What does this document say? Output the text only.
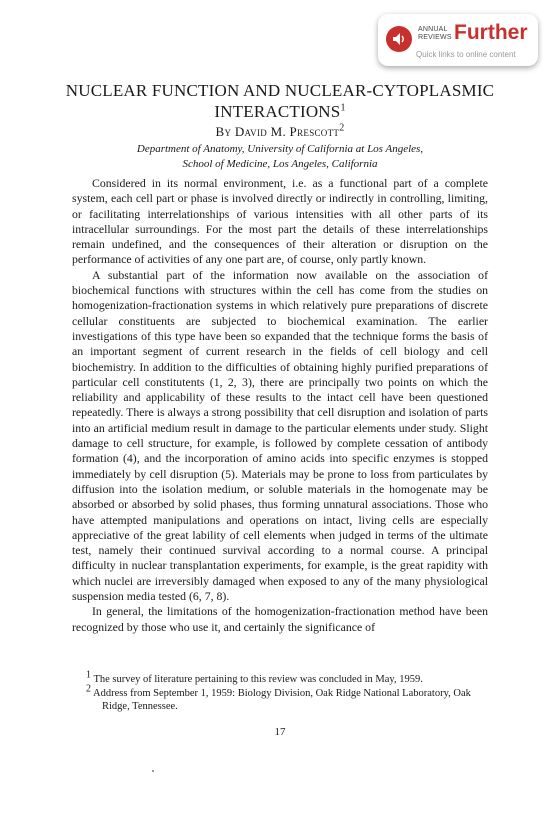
ANNUAL
REVIEWS Further
Quick links to online content
NUCLEAR FUNCTION AND NUCLEAR-CYTOPLASMIC
INTERACTIONS$^1$
By David M. Prescott$^2$
Department of Anatomy, University of California at Los Angeles,
School of Medicine, Los Angeles, California

Considered in its normal environment, i.e. as a functional part of a complete system, each cell part or phase is involved directly or indirectly in controlling, limiting, or facilitating interrelationships of various intensities with all other parts of its intracellular surroundings. For the most part the details of these interrelationships remain undefined, and the consequences of their alteration or disruption on the performance of activities of any one part are, of course, only partly known.

A substantial part of the information now available on the association of biochemical functions with structures within the cell has come from the studies on homogenization-fractionation systems in which relatively pure preparations of discrete cellular constituents are subjected to biochemical examination. The earlier investigations of this type have been so expanded that the technique forms the basis of an important segment of current research in the fields of cell biology and cell biochemistry. In addition to the difficulties of obtaining highly purified preparations of particular cell constitutents (1, 2, 3), there are principally two points on which the reliability and applicability of these results to the intact cell have been questioned repeatedly. There is always a strong possibility that cell disruption and isolation of parts into an artificial medium result in damage to the particular elements under study. Slight damage to cell structure, for example, is followed by complete cessation of antibody formation (4), and the incorporation of amino acids into specific enzymes is stopped immediately by cell disruption (5). Materials may be prone to loss from particulates by diffusion into the isolation medium, or soluble materials in the homogenate may be absorbed or absorbed by solid phases, thus forming unnatural associations. Those who have attempted manipulations and operations on intact, living cells are especially appreciative of the great lability of cell elements when judged in terms of the ultimate test, namely their continued survival according to a normal course. A principal difficulty in nuclear transplantation experiments, for example, is the great rapidity with which nuclei are irreversibly damaged when exposed to any of the many physiological suspension media tested (6, 7, 8).

In general, the limitations of the homogenization-fractionation method have been recognized by those who use it, and certainly the significance of

$^1$ The survey of literature pertaining to this review was concluded in May, 1959.

$^2$ Address from September 1, 1959: Biology Division, Oak Ridge National Laboratory, Oak Ridge, Tennessee.

17
